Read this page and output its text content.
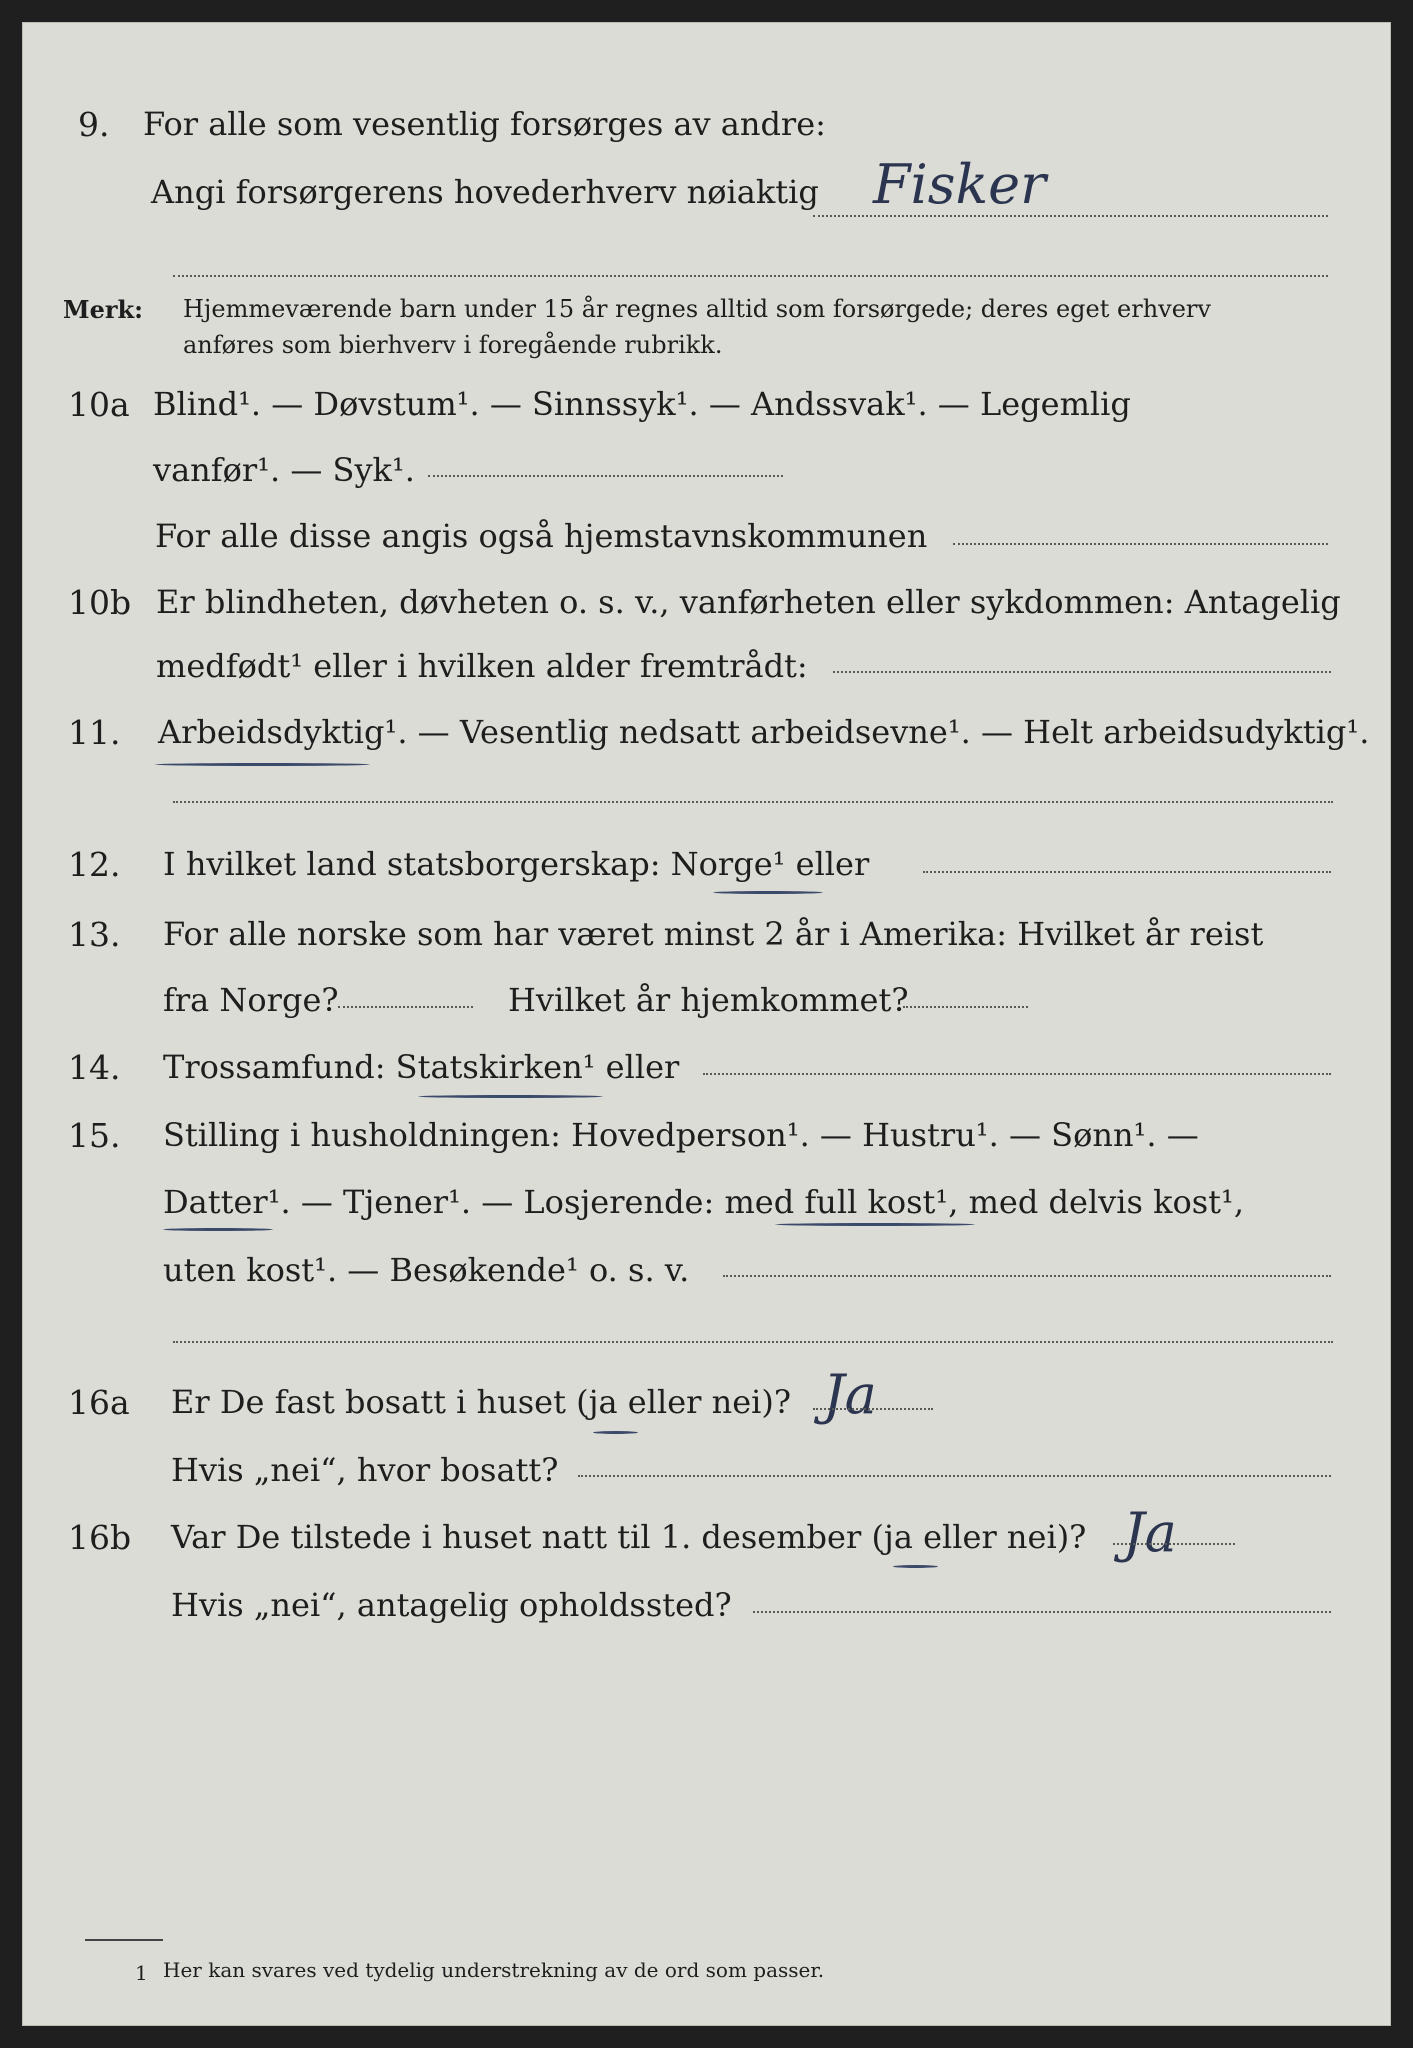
9. For alle som vesentlig forsørges av andre:
Angi forsørgerens hovederhverv nøiaktig Fisker
Merk: Hjemmeværende barn under 15 år regnes alltid som forsørgede; deres eget erhverv
anføres som bierhverv i foregående rubrikk.
10a Blind¹. — Døvstum¹. — Sinnssyk¹. — Andssvak¹. — Legemlig
vanfør¹. — Syk¹.
For alle disse angis også hjemstavnskommunen
10b Er blindheten, døvheten o. s. v., vanførheten eller sykdommen: Antagelig
medfødt¹ eller i hvilken alder fremtrådt:
11. Arbeidsdyktig¹. — Vesentlig nedsatt arbeidsevne¹. — Helt arbeidsudyktig¹.
12. I hvilket land statsborgerskap: Norge¹ eller
13. For alle norske som har været minst 2 år i Amerika: Hvilket år reist
fra Norge?	Hvilket år hjemkommet?
14. Trossamfund: Statskirken¹ eller
15. Stilling i husholdningen: Hovedperson¹. — Hustru¹. — Sønn¹. —
Datter¹. — Tjener¹. — Losjerende: med full kost¹, med delvis kost¹,
uten kost¹. — Besøkende¹ o. s. v.
16a Er De fast bosatt i huset (ja eller nei)? Ja
Hvis „nei“, hvor bosatt?
16b Var De tilstede i huset natt til 1. desember (ja eller nei)? Ja
Hvis „nei“, antagelig opholdssted?
1 Her kan svares ved tydelig understrekning av de ord som passer.
